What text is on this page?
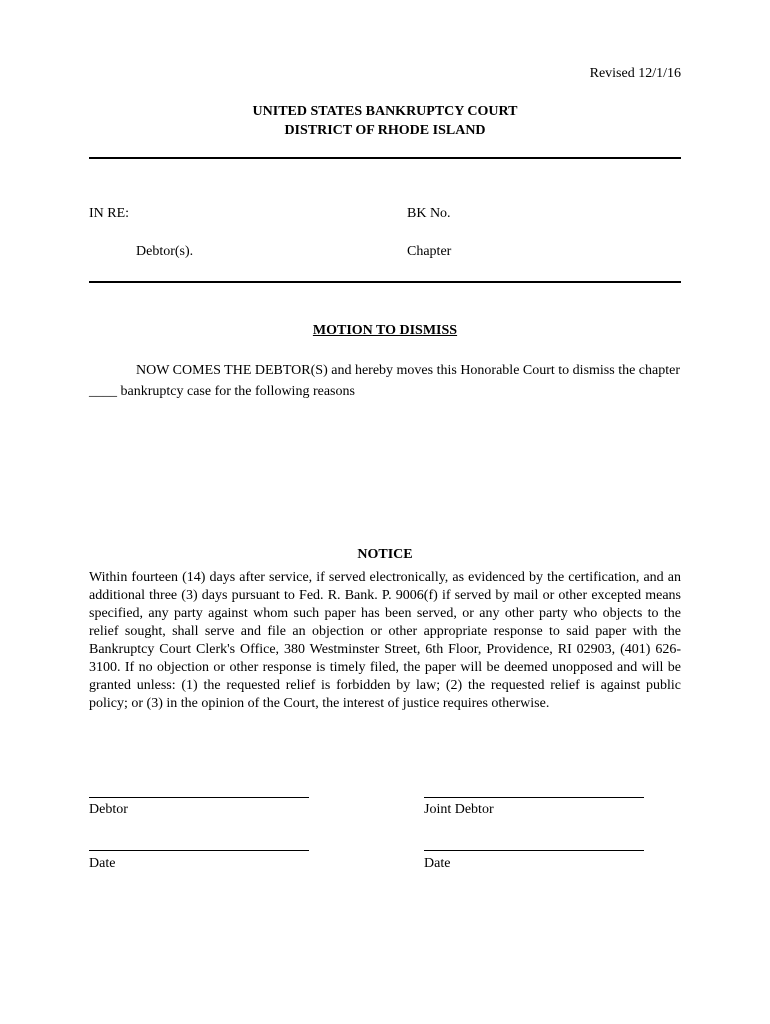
Revised 12/1/16
UNITED STATES BANKRUPTCY COURT
DISTRICT OF RHODE ISLAND
IN RE:	BK No.
Debtor(s).	Chapter
MOTION TO DISMISS
NOW COMES THE DEBTOR(S) and hereby moves this Honorable Court to dismiss the chapter ____ bankruptcy case for the following reasons
NOTICE
Within fourteen (14) days after service, if served electronically, as evidenced by the certification, and an additional three (3) days pursuant to Fed. R. Bank. P. 9006(f) if served by mail or other excepted means specified, any party against whom such paper has been served, or any other party who objects to the relief sought, shall serve and file an objection or other appropriate response to said paper with the Bankruptcy Court Clerk's Office, 380 Westminster Street, 6th Floor, Providence, RI 02903, (401) 626-3100. If no objection or other response is timely filed, the paper will be deemed unopposed and will be granted unless: (1) the requested relief is forbidden by law; (2) the requested relief is against public policy; or (3) in the opinion of the Court, the interest of justice requires otherwise.
Debtor	Joint Debtor
Date	Date
